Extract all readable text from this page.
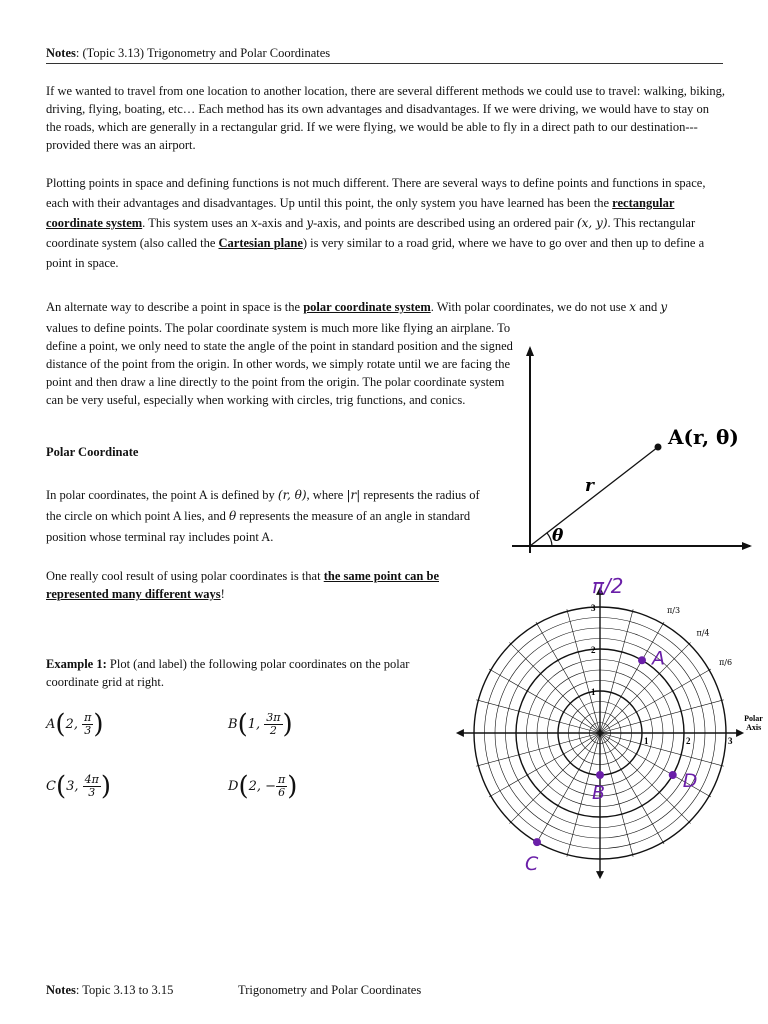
Notes: (Topic 3.13) Trigonometry and Polar Coordinates

If we wanted to travel from one location to another location, there are several different methods we could use to travel: walking, biking, driving, flying, boating, etc… Each method has its own advantages and disadvantages. If we were driving, we would have to stay on the roads, which are generally in a rectangular grid. If we were flying, we would be able to fly in a direct path to our destination---provided there was an airport.

Plotting points in space and defining functions is not much different. There are several ways to define points and functions in space, each with their advantages and disadvantages. Up until this point, the only system you have learned has been the rectangular coordinate system. This system uses an x-axis and y-axis, and points are described using an ordered pair (x, y). This rectangular coordinate system (also called the Cartesian plane) is very similar to a road grid, where we have to go over and then up to define a point in space.

An alternate way to describe a point in space is the polar coordinate system. With polar coordinates, we do not use x and y

values to define points. The polar coordinate system is much more like flying an airplane. To define a point, we only need to state the angle of the point in standard position and the signed distance of the point from the origin. In other words, we simply rotate until we are facing the point and then draw a line directly to the point from the origin. The polar coordinate system can be very useful, especially when working with circles, trig functions, and conics.

Polar Coordinate

In polar coordinates, the point A is defined by (r, θ), where |r| represents the radius of the circle on which point A lies, and θ represents the measure of an angle in standard position whose terminal ray includes point A.

One really cool result of using polar coordinates is that the same point can be represented many different ways!

Example 1: Plot (and label) the following polar coordinates on the polar coordinate grid at right.

A(2, $\frac{\pi}{3}$ )	B(1, $\frac{3\pi}{2}$ )
C(3, $\frac{4\pi}{3}$ )	D(2, − $\frac{\pi}{6}$ )
A(r, θ)
r
θ
1
1
2
2
3
3	π/3
π/4
π/6
Polar
Axis
A
B
C
D
π/2
Notes: Topic 3.13 to 3.15	Trigonometry and Polar Coordinates
